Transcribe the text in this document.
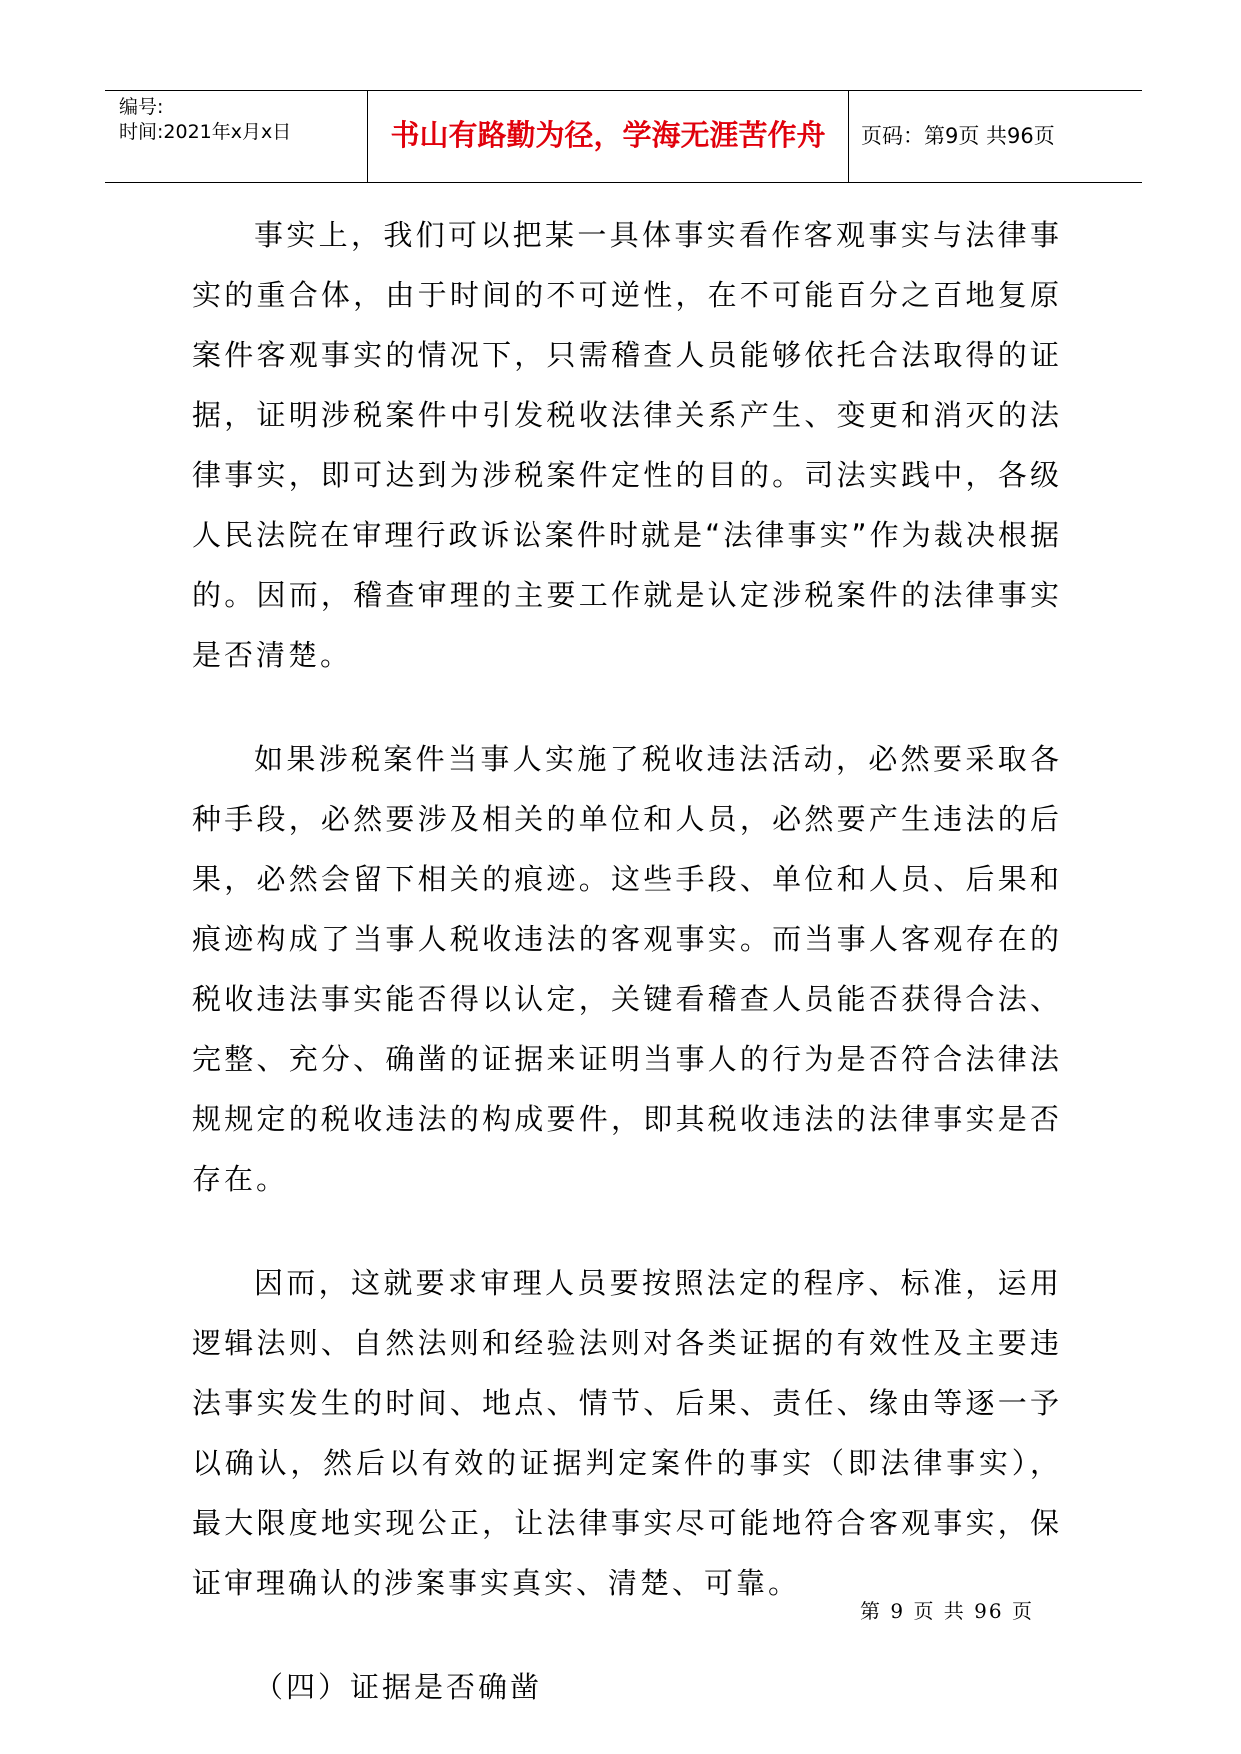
编号:
时间:2021年x月x日	书山有路勤为径，学海无涯苦作舟	页码：第9页 共96页

事实上，我们可以把某一具体事实看作客观事实与法律事实的重合体，由于时间的不可逆性，在不可能百分之百地复原案件客观事实的情况下，只需稽查人员能够依托合法取得的证据，证明涉税案件中引发税收法律关系产生、变更和消灭的法律事实，即可达到为涉税案件定性的目的。司法实践中，各级人民法院在审理行政诉讼案件时就是“法律事实”作为裁决根据的。因而，稽查审理的主要工作就是认定涉税案件的法律事实是否清楚。

如果涉税案件当事人实施了税收违法活动，必然要采取各种手段，必然要涉及相关的单位和人员，必然要产生违法的后果，必然会留下相关的痕迹。这些手段、单位和人员、后果和痕迹构成了当事人税收违法的客观事实。而当事人客观存在的税收违法事实能否得以认定，关键看稽查人员能否获得合法、完整、充分、确凿的证据来证明当事人的行为是否符合法律法规规定的税收违法的构成要件，即其税收违法的法律事实是否存在。

因而，这就要求审理人员要按照法定的程序、标准，运用逻辑法则、自然法则和经验法则对各类证据的有效性及主要违法事实发生的时间、地点、情节、后果、责任、缘由等逐一予以确认，然后以有效的证据判定案件的事实（即法律事实），最大限度地实现公正，让法律事实尽可能地符合客观事实，保证审理确认的涉案事实真实、清楚、可靠。

（四）证据是否确凿

第 9 页 共 96 页
